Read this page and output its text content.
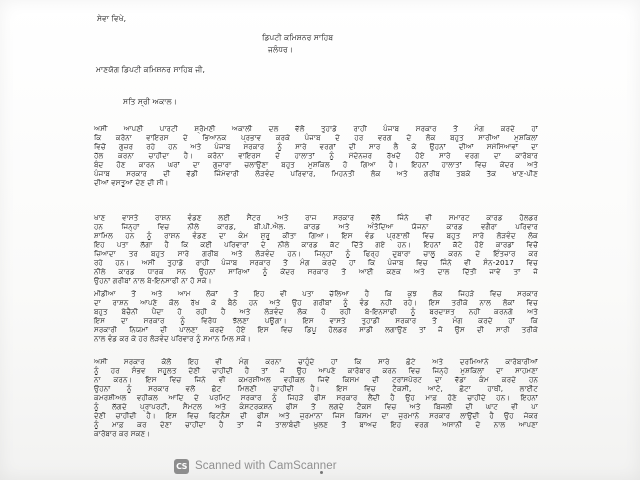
ਸੇਵਾ ਵਿਖੇ,
ਡਿਪਟੀ ਕਮਿਸ਼ਨਰ ਸਾਹਿਬ
ਜਲੰਧਰ।
ਮਾਣਯੋਗ ਡਿਪਟੀ ਕਮਿਸ਼ਨਰ ਸਾਹਿਬ ਜੀ,
ਸਤਿ ਸ੍ਰੀ ਅਕਾਲ।
ਅਸੀਂ ਆਪਣੀ ਪਾਰਟੀ ਸ਼੍ਰੋਮਣੀ ਅਕਾਲੀ ਦਲ ਵੱਲੋਂ ਤੁਹਾਡੇ ਰਾਹੀਂ ਪੰਜਾਬ ਸਰਕਾਰ ਤੋਂ ਮੰਗ ਕਰਦੇ ਹਾਂ
ਕਿ ਕਰੋਨਾ ਵਾਇਰਸ ਦੇ ਭਿਆਨਕ ਪ੍ਰਭਾਵ ਕਰਕੇ ਪੰਜਾਬ ਦੇ ਹਰ ਵਰਗ ਦੇ ਲੋਕ ਬਹੁਤ ਸਾਰੀਆਂ ਮੁਸ਼ਕਿਲਾਂ
ਵਿਚੋਂ ਗੁਜ਼ਰ ਰਹੇ ਹਨ ਅਤੇ ਪੰਜਾਬ ਸਰਕਾਰ ਨੂੰ ਸਾਰੇ ਵਰਗਾਂ ਦੀ ਸਾਰ ਲੈ ਕੇ ਉਹਨਾਂ ਦੀਆਂ ਸਮੱਸਿਆਵਾਂ ਦਾ
ਹੱਲ ਕਰਨਾ ਚਾਹੀਦਾ ਹੈ। ਕਰੋਨਾ ਵਾਇਰਸ ਦੇ ਹਾਲਾਤਾਂ ਨੂੰ ਮੱਦੇਨਜ਼ਰ ਰੱਖਦੇ ਹੋਏ ਸਾਰੇ ਵਰਗ ਦਾ ਕਾਰੋਬਾਰ
ਬੰਦ ਹੋਣ ਕਾਰਨ ਘਰਾਂ ਦਾ ਗੁਜ਼ਾਰਾ ਚਲਾਉਣਾ ਬਹੁਤ ਮੁਸ਼ਕਿਲ ਹੋ ਗਿਆ ਹੈ। ਇਹਨਾਂ ਹਾਲਾਤਾਂ ਵਿਚ ਕੇਂਦਰ ਅਤੇ
ਪੰਜਾਬ ਸਰਕਾਰ ਦੀ ਵੱਡੀ ਜਿੰਮੇਵਾਰੀ ਲੋੜਵੰਦ ਪਰਿਵਾਰ, ਮਿਹਨਤੀ ਲੋਕ ਅਤੇ ਗਰੀਬ ਤਬਕੇ ਤੱਕ ਖਾਣ-ਪੀਣ
ਦੀਆਂ ਵਸਤੂਆਂ ਦੇਣ ਦੀ ਸੀ।
ਖਾਣ ਵਾਸਤੇ ਰਾਸ਼ਨ ਵੰਡਣ ਲਈ ਸੈਂਟਰ ਅਤੇ ਰਾਜ ਸਰਕਾਰ ਵੱਲੋਂ ਜਿੰਨੇ ਵੀ ਸਮਾਰਟ ਕਾਰਡ ਹੋਲਡਰ
ਹਨ ਜਿਨ੍ਹਾਂ ਵਿਚ ਨੀਲੇ ਕਾਰਡ, ਬੀ.ਪੀ.ਐਲ. ਕਾਰਡ ਅਤੇ ਅੰਤੋਦਿਆ ਯੋਜਨਾ ਕਾਰਡ ਵਗੈਰਾ ਪਰਿਵਾਰ
ਸ਼ਾਮਿਲ ਹਨ ਨੂੰ ਰਾਸ਼ਨ ਵੰਡਣ ਦਾ ਕੰਮ ਸ਼ੁਰੂ ਕੀਤਾ ਗਿਆ। ਇਸ ਵੰਡ ਪ੍ਰਣਾਲੀ ਵਿਚ ਬਹੁਤ ਸਾਰੇ ਲੋੜਵੰਦ ਲੋਕ
ਇਹ ਪਤਾ ਲੱਗਾ ਹੈ ਕਿ ਕਈ ਪਰਿਵਾਰਾਂ ਦੇ ਨੀਲੇ ਕਾਰਡ ਕੱਟ ਦਿੱਤੇ ਗਏ ਹਨ। ਇਹਨਾਂ ਕੱਟੇ ਹੋਏ ਕਾਰਡਾਂ ਵਿਚੋਂ
ਜ਼ਿਆਦਾ ਤਰ ਬਹੁਤ ਸਾਰੇ ਗਰੀਬ ਅਤੇ ਲੋੜਵੰਦ ਹਨ। ਜਿਨ੍ਹਾਂ ਨੂੰ ਫਿਰ੍ਹ ਦੁਬਾਰਾ ਚਾਲੂ ਕਰਨ ਦੇ ਇੰਤਜ਼ਾਰ ਕਰ
ਰਹੇ ਹਨ। ਅਸੀਂ ਤੁਹਾਡੇ ਰਾਹੀਂ ਪੰਜਾਬ ਸਰਕਾਰ ਤੋਂ ਮੰਗ ਕਰਦੇ ਹਾਂ ਕਿ ਪੰਜਾਬ ਵਿਚ ਜਿੰਨੇ ਵੀ ਸੰਨ-2017 ਵਿਚ
ਨੀਲੇ ਕਾਰਡ ਧਾਰਕ ਸਨ ਉਹਨਾਂ ਸਾਰਿਆਂ ਨੂੰ ਕੇਂਦਰ ਸਰਕਾਰ ਤੋਂ ਆਈ ਕਣਕ ਅਤੇ ਦਾਲ ਦਿੱਤੀ ਜਾਵੇ ਤਾਂ ਜੋ
ਉਹਨਾਂ ਗਰੀਬਾਂ ਨਾਲ ਬੇ-ਇਨਸਾਫੀ ਨਾ ਹੋ ਸਕੇ।
ਮੀਡੀਆ ਤੋਂ ਅਤੇ ਆਮ ਲੋਕਾਂ ਤੋਂ ਇਹ ਵੀ ਪਤਾ ਚੱਲਿਆ ਹੈ ਕਿ ਕੁਝ ਲੋਕ ਜਿਹੜੇ ਵਿਚ ਸਰਕਾਰ
ਦਾ ਰਾਸ਼ਨ ਆਪਣੇ ਕੋਲ ਰੱਖ ਕੇ ਬੈਠੇ ਹਨ ਅਤੇ ਉਹ ਗਰੀਬਾਂ ਨੂੰ ਵੰਡ ਨਹੀਂ ਰਹੇ। ਇਸ ਤਰੀਕੇ ਨਾਲ ਲੋਕਾਂ ਵਿਚ
ਬਹੁਤ ਬੇਚੈਨੀ ਪੈਦਾ ਹੋ ਰਹੀ ਹੈ ਅਤੇ ਲੋੜਵੰਦ ਲੋਕ ਹੋ ਰਹੀ ਬੇ-ਇਨਸਾਫੀ ਨੂੰ ਬਰਦਾਸ਼ਤ ਨਹੀਂ ਕਰਨਗੇ ਅਤੇ
ਇਸ ਦਾ ਸਰਕਾਰ ਨੂੰ ਵਿਰੋਧ ਝੱਲਣਾ ਪਊਗਾ। ਇਸ ਵਾਸਤੇ ਤੁਹਾਡੀ ਸਰਕਾਰ ਤੋਂ ਮੰਗ ਕਰਦੇ ਹਾਂ ਕਿ
ਸਰਕਾਰੀ ਨਿਯਮਾਂ ਦੀ ਪਾਲਣਾ ਕਰਦੇ ਹੋਏ ਇਸ ਵਿਚ ਡਿਪੂ ਹੋਲਡਰ ਸਾਡੀ ਲਗਾਉਣ ਤਾਂ ਜੋ ਉਸ ਦੀ ਸਾਰੀ ਤਰੀਕੇ
ਨਾਲ ਵੰਡ ਕਰ ਕੇ ਹਰ ਲੋੜਵੰਦ ਪਰਿਵਾਰ ਨੂੰ ਸਮਾਨ ਮਿਲ ਸਕੇ।
ਅਸੀਂ ਸਰਕਾਰ ਕੋਲੋਂ ਇਹ ਵੀ ਮੰਗ ਕਰਨਾ ਚਾਹੁੰਦੇ ਹਾਂ ਕਿ ਸਾਰੇ ਛੋਟੇ ਅਤੇ ਦਰਮਿਆਨੇ ਕਾਰੋਬਾਰੀਆਂ
ਨੂੰ ਹਰ ਸੰਭਵ ਸਹੂਲਤ ਦੇਣੀ ਚਾਹੀਦੀ ਹੈ ਤਾਂ ਜੋ ਉਹ ਆਪਣੇ ਕਾਰੋਬਾਰ ਕਰਨ ਵਿਚ ਜਿਨ੍ਹੇ ਮੁਸ਼ਕਿਲਾਂ ਦਾ ਸਾਹਮਣਾ
ਨਾ ਕਰਨ। ਇਸ ਵਿਚ ਜਿਨੇ ਵੀ ਕਮਰਸ਼ੀਅਲ ਵਹੀਕਲ ਜਿਵੇਂ ਕਿਸਮ ਦੀ ਟਰਾਂਸਪੋਰਟ ਦਾ ਵੱਡਾ ਕੰਮ ਕਰਦੇ ਹਨ
ਉਹਨਾਂ ਨੂੰ ਸਰਕਾਰ ਵਲੋਂ ਛੋਟ ਮਿਲਣੀ ਚਾਹੀਦੀ ਹੈ। ਇਸ ਵਿਚ ਟੈਕਸੀ, ਆਟੋ, ਛੋਟਾ ਹਾਥੀ, ਲਾਈਟ
ਕਮਰਸ਼ੀਅਲ ਵਹੀਕਲ ਆਦਿ ਦੇ ਪਰਮਿਟ ਸਰਕਾਰ ਨੂੰ ਜਿਹੜੇ ਫੀਸ ਸਰਕਾਰ ਲੈਂਦੀ ਹੈ ਉਹ ਮਾਫ਼ ਹੋਣੇ ਚਾਹੀਦੇ ਹਨ। ਇਹਨਾਂ
ਨੂੰ ਲੱਗਦੇ ਪ੍ਰਾਪਰਟੀ, ਸੈਮਟਲ ਅਤੇ ਕੰਸਟਰਕਸ਼ਨ ਫੀਸ ਤੋਂ ਲਗਦੇ ਟੈਕਸ ਵਿਚ ਅਤੇ ਬਿਜਲੀ ਦੀ ਘਾਟ ਵੀ ਪਾ
ਦੇਣੀ ਚਾਹੀਦੀ ਹੈ। ਇਸ ਵਿਚ ਫਿਟਨੈਸ ਦੀ ਫੀਸ ਅਤੇ ਜੁਰਮਾਨਾ ਜਿਸ ਕਿਸਮ ਦਾ ਜੁਰਮਾਨੇ ਸਰਕਾਰ ਲਾਉਂਦੀ ਹੈ ਉਹ ਜੇਕਰ
ਨੂੰ ਮਾਫ਼ ਕਰ ਦੇਣਾ ਚਾਹੀਦਾ ਹੈ ਤਾਂ ਜੋ ਤਾਲਾਬੰਦੀ ਖੁਲਣ ਤੋਂ ਬਾਅਦ ਇਹ ਵਰਗ ਅਸਾਨੀ ਦੇ ਨਾਲ ਆਪਣਾ
ਕਾਰੋਬਾਰ ਕਰ ਸਕਣ।
CS Scanned with CamScanner
